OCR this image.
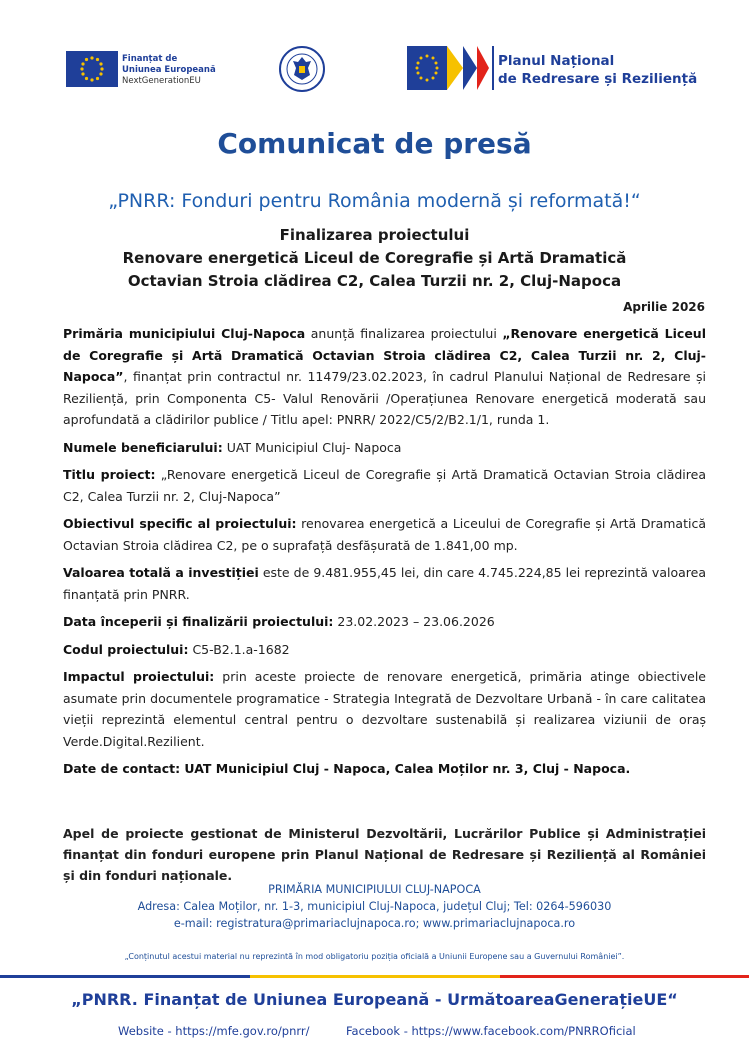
Finanțat de
Uniunea Europeană
NextGenerationEU
Planul Național
de Redresare și Reziliență
Comunicat de presă
„PNRR: Fonduri pentru România modernă și reformată!“
Finalizarea proiectului
Renovare energetică Liceul de Coregrafie și Artă Dramatică
Octavian Stroia clădirea C2, Calea Turzii nr. 2, Cluj-Napoca
Aprilie 2026

Primăria municipiului Cluj-Napoca anunță finalizarea proiectului „Renovare energetică Liceul de Coregrafie și Artă Dramatică Octavian Stroia clădirea C2, Calea Turzii nr. 2, Cluj-Napoca”, finanțat prin contractul nr. 11479/23.02.2023, în cadrul Planului Național de Redresare și Reziliență, prin Componenta C5- Valul Renovării /Operațiunea Renovare energetică moderată sau aprofundată a clădirilor publice / Titlu apel: PNRR/ 2022/C5/2/B2.1/1, runda 1.

Numele beneficiarului: UAT Municipiul Cluj- Napoca

Titlu proiect: „Renovare energetică Liceul de Coregrafie și Artă Dramatică Octavian Stroia clădirea C2, Calea Turzii nr. 2, Cluj-Napoca”

Obiectivul specific al proiectului: renovarea energetică a Liceului de Coregrafie și Artă Dramatică Octavian Stroia clădirea C2, pe o suprafață desfășurată de 1.841,00 mp.

Valoarea totală a investiției este de 9.481.955,45 lei, din care 4.745.224,85 lei reprezintă valoarea finanțată prin PNRR.

Data începerii și finalizării proiectului: 23.02.2023 – 23.06.2026

Codul proiectului: C5-B2.1.a-1682

Impactul proiectului: prin aceste proiecte de renovare energetică, primăria atinge obiectivele asumate prin documentele programatice - Strategia Integrată de Dezvoltare Urbană - în care calitatea vieții reprezintă elementul central pentru o dezvoltare sustenabilă și realizarea viziunii de oraș Verde.Digital.Rezilient.

Date de contact: UAT Municipiul Cluj - Napoca, Calea Moților nr. 3, Cluj - Napoca.

Apel de proiecte gestionat de Ministerul Dezvoltării, Lucrărilor Publice și Administrației finanțat din fonduri europene prin Planul Național de Redresare și Reziliență al României și din fonduri naționale.
PRIMĂRIA MUNICIPIULUI CLUJ-NAPOCA
Adresa: Calea Moților, nr. 1-3, municipiul Cluj-Napoca, județul Cluj; Tel: 0264-596030
e-mail: registratura@primariaclujnapoca.ro; www.primariaclujnapoca.ro
„Conținutul acestui material nu reprezintă în mod obligatoriu poziția oficială a Uniunii Europene sau a Guvernului României”.
„PNRR. Finanțat de Uniunea Europeană - UrmătoareaGenerațieUE“
Website - https://mfe.gov.ro/pnrr/	Facebook - https://www.facebook.com/PNRROficial
